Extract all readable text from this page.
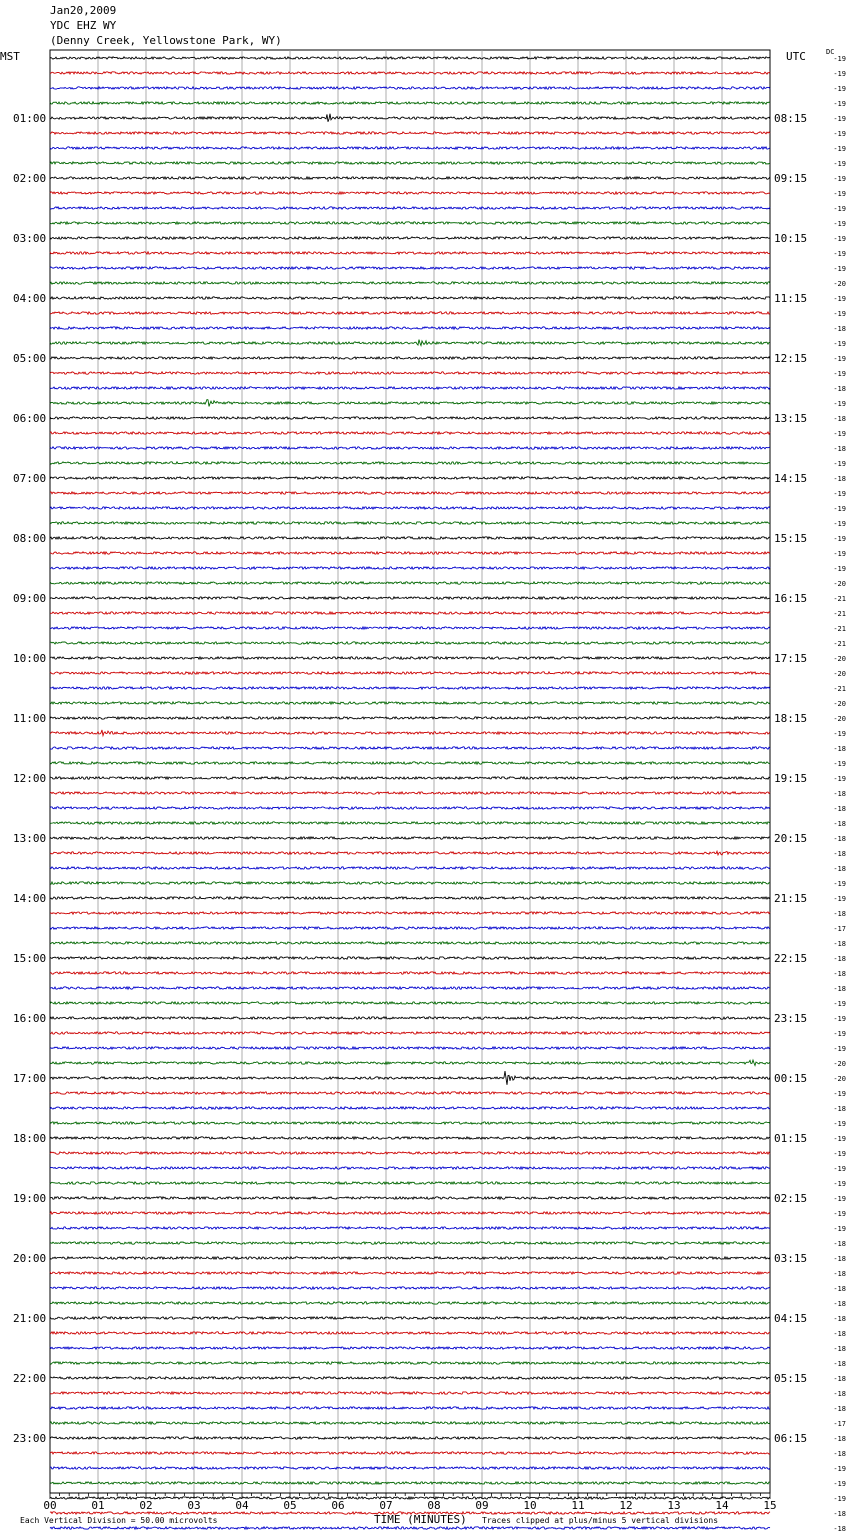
Jan20,2009
YDC EHZ WY
(Denny Creek, Yellowstone Park, WY)
MST	UTC	DC
-19
-19
-19
-19
-19
-19
-19
-19
-19
-19
-19
-19
-19
-19
-19
-20
-19
-19
-18
-19
-19
-19
-18
-19
-18
-19
-18
-19
-18
-19
-19
-19
-19
-19
-19
-20
-21
-21
-21
-21
-20
-20
-21
-20
-20
-19
-18
-19
-19
-18
-18
-18
-18
-18
-18
-19
-19
-18
-17
-18
-18
-18
-18
-19
-19
-19
-19
-20
-20
-19
-18
-19
-19
-19
-19
-19
-19
-19
-19
-18
-18
-18
-18
-18
-18
-18
-18
-18
-18
-18
-18
-17
-18
-18
-19
-19
-19
-18
-18
01:00
02:00
03:00
04:00
05:00
06:00
07:00
08:00
09:00
10:00
11:00
12:00
13:00
14:00
15:00
16:00
17:00
18:00
19:00
20:00
21:00
22:00
23:00
08:15
09:15
10:15
11:15
12:15
13:15
14:15
15:15
16:15
17:15
18:15
19:15
20:15
21:15
22:15
23:15
00:15
01:15
02:15
03:15
04:15
05:15
06:15
00	01	02	03	04	05	06	07	08	09	10	11	12	13	14	15
Each Vertical Division = 50.00 microvolts	TIME (MINUTES) Traces clipped at plus/minus 5 vertical divisions
